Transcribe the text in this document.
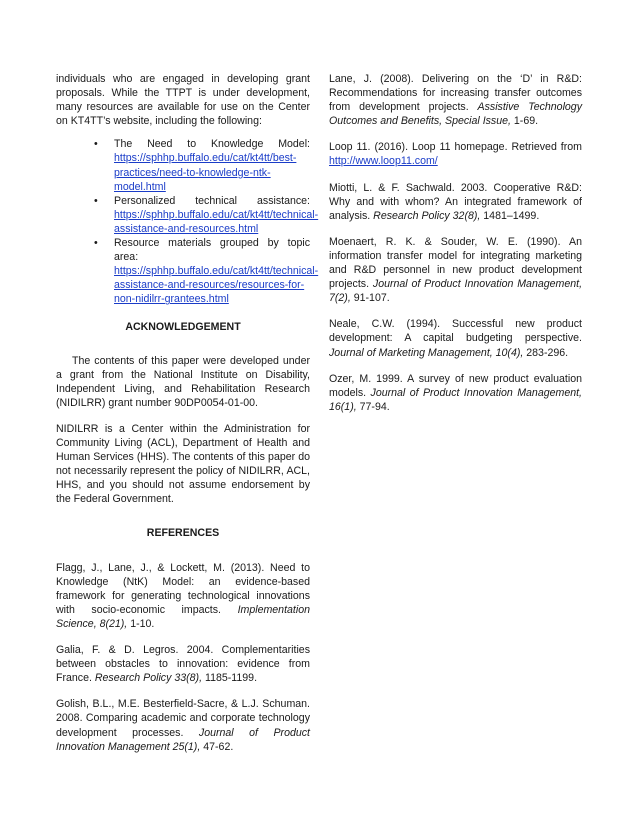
individuals who are engaged in developing grant proposals. While the TTPT is under development, many resources are available for use on the Center on KT4TT’s website, including the following:

• The Need to Knowledge Model: https://sphhp.buffalo.edu/cat/kt4tt/best-practices/need-to-knowledge-ntk-model.html
• Personalized technical assistance: https://sphhp.buffalo.edu/cat/kt4tt/technical-assistance-and-resources.html
• Resource materials grouped by topic area: https://sphhp.buffalo.edu/cat/kt4tt/technical-assistance-and-resources/resources-for-non-nidilrr-grantees.html
ACKNOWLEDGEMENT

The contents of this paper were developed under a grant from the National Institute on Disability, Independent Living, and Rehabilitation Research (NIDILRR) grant number 90DP0054-01-00.

NIDILRR is a Center within the Administration for Community Living (ACL), Department of Health and Human Services (HHS). The contents of this paper do not necessarily represent the policy of NIDILRR, ACL, HHS, and you should not assume endorsement by the Federal Government.

REFERENCES

Flagg, J., Lane, J., & Lockett, M. (2013). Need to Knowledge (NtK) Model: an evidence-based framework for generating technological innovations with socio-economic impacts. Implementation Science, 8(21), 1-10.

Galia, F. & D. Legros. 2004. Complementarities between obstacles to innovation: evidence from France. Research Policy 33(8), 1185-1199.

Golish, B.L., M.E. Besterfield-Sacre, & L.J. Schuman. 2008. Comparing academic and corporate technology development processes. Journal of Product Innovation Management 25(1), 47-62.

Lane, J. (2008). Delivering on the ‘D’ in R&D: Recommendations for increasing transfer outcomes from development projects. Assistive Technology Outcomes and Benefits, Special Issue, 1-69.

Loop 11. (2016). Loop 11 homepage. Retrieved from http://www.loop11.com/

Miotti, L. & F. Sachwald. 2003. Cooperative R&D: Why and with whom? An integrated framework of analysis. Research Policy 32(8), 1481–1499.

Moenaert, R. K. & Souder, W. E. (1990). An information transfer model for integrating marketing and R&D personnel in new product development projects. Journal of Product Innovation Management, 7(2), 91-107.

Neale, C.W. (1994). Successful new product development: A capital budgeting perspective. Journal of Marketing Management, 10(4), 283-296.

Ozer, M. 1999. A survey of new product evaluation models. Journal of Product Innovation Management, 16(1), 77-94.
